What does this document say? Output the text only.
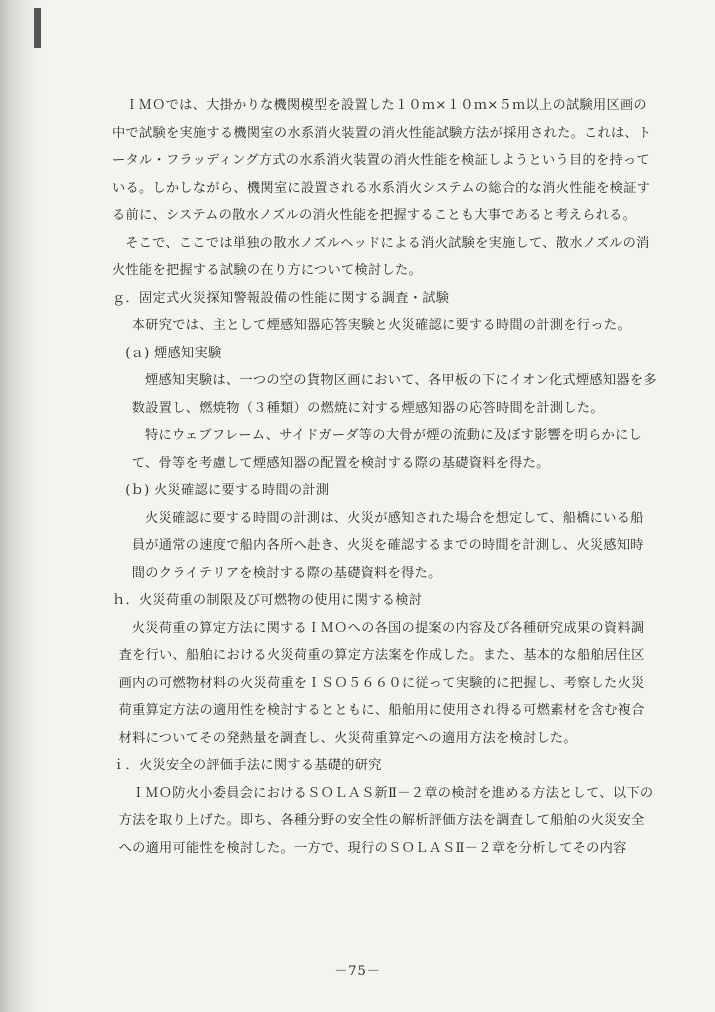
ＩＭＯでは、大掛かりな機関模型を設置した１０ｍ×１０ｍ×５ｍ以上の試験用区画の中で試験を実施する機関室の水系消火装置の消火性能試験方法が採用された。これは、トータル・フラッディング方式の水系消火装置の消火性能を検証しようという目的を持っている。しかしながら、機関室に設置される水系消火システムの総合的な消火性能を検証する前に、システムの散水ノズルの消火性能を把握することも大事であると考えられる。

そこで、ここでは単独の散水ノズルヘッドによる消火試験を実施して、散水ノズルの消火性能を把握する試験の在り方について検討した。

ｇ．固定式火災探知警報設備の性能に関する調査・試験

本研究では、主として煙感知器応答実験と火災確認に要する時間の計測を行った。

(ａ) 煙感知実験

煙感知実験は、一つの空の貨物区画において、各甲板の下にイオン化式煙感知器を多数設置し、燃焼物（３種類）の燃焼に対する煙感知器の応答時間を計測した。

特にウェブフレーム、サイドガーダ等の大骨が煙の流動に及ぼす影響を明らかにして、骨等を考慮して煙感知器の配置を検討する際の基礎資料を得た。

(ｂ) 火災確認に要する時間の計測

火災確認に要する時間の計測は、火災が感知された場合を想定して、船橋にいる船員が通常の速度で船内各所へ赴き、火災を確認するまでの時間を計測し、火災感知時間のクライテリアを検討する際の基礎資料を得た。

ｈ．火災荷重の制限及び可燃物の使用に関する検討

火災荷重の算定方法に関するＩＭＯへの各国の提案の内容及び各種研究成果の資料調査を行い、船舶における火災荷重の算定方法案を作成した。また、基本的な船舶居住区画内の可燃物材料の火災荷重をＩＳＯ５６６０に従って実験的に把握し、考察した火災荷重算定方法の適用性を検討するとともに、船舶用に使用され得る可燃素材を含む複合材料についてその発熱量を調査し、火災荷重算定への適用方法を検討した。

ｉ．火災安全の評価手法に関する基礎的研究

ＩＭＯ防火小委員会におけるＳＯＬＡＳ新Ⅱ－２章の検討を進める方法として、以下の方法を取り上げた。即ち、各種分野の安全性の解析評価方法を調査して船舶の火災安全への適用可能性を検討した。一方で、現行のＳＯＬＡＳⅡ－２章を分析してその内容

－75－
